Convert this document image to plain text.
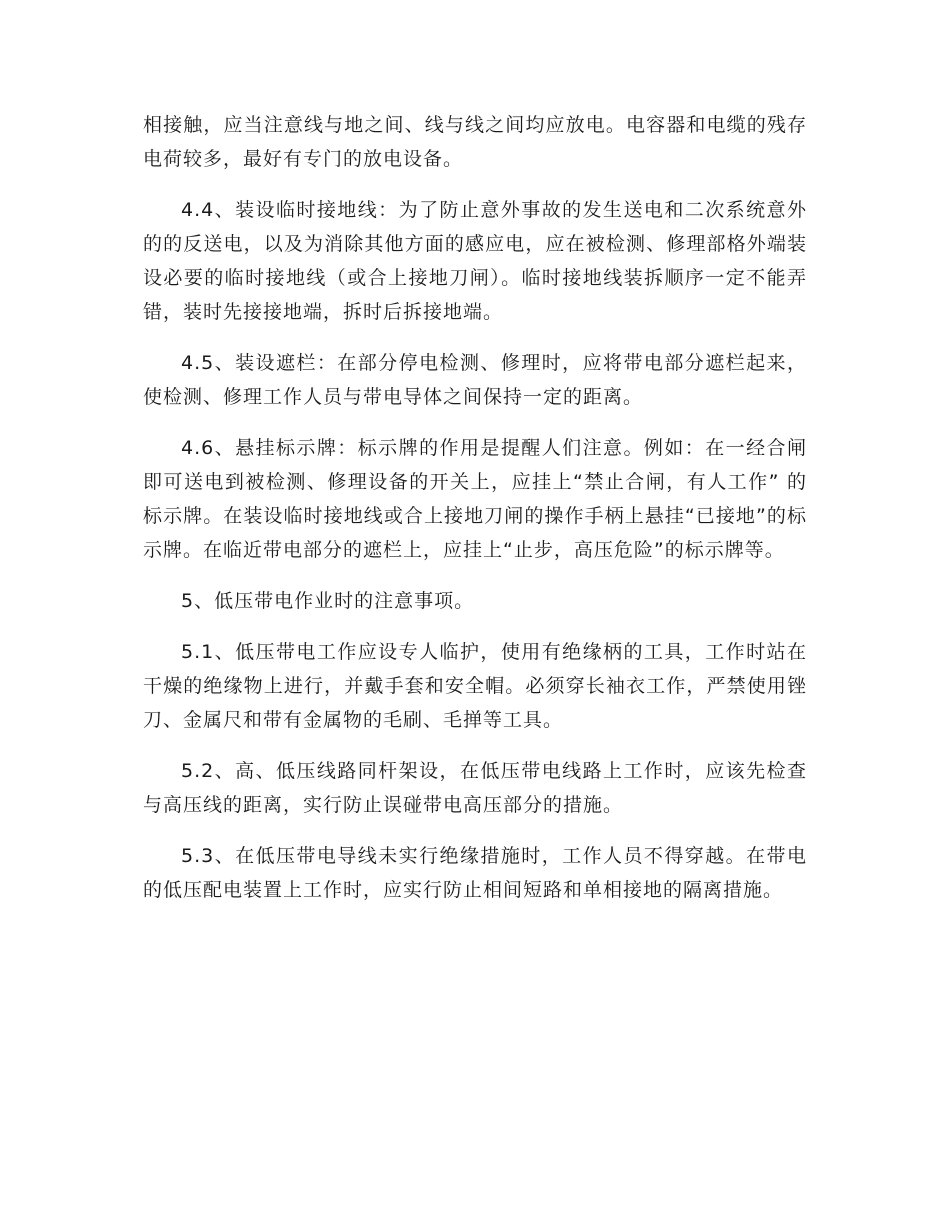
相接触，应当注意线与地之间、线与线之间均应放电。电容器和电缆的残存电荷较多，最好有专门的放电设备。

4.4、装设临时接地线：为了防止意外事故的发生送电和二次系统意外的的反送电，以及为消除其他方面的感应电，应在被检测、修理部格外端装设必要的临时接地线（或合上接地刀闸）。临时接地线装拆顺序一定不能弄错，装时先接接地端，拆时后拆接地端。

4.5、装设遮栏：在部分停电检测、修理时，应将带电部分遮栏起来，使检测、修理工作人员与带电导体之间保持一定的距离。

4.6、悬挂标示牌：标示牌的作用是提醒人们注意。例如：在一经合闸即可送电到被检测、修理设备的开关上，应挂上“禁止合闸，有人工作” 的标示牌。在装设临时接地线或合上接地刀闸的操作手柄上悬挂“已接地”的标示牌。在临近带电部分的遮栏上，应挂上“止步，高压危险”的标示牌等。

5、低压带电作业时的注意事项。

5.1、低压带电工作应设专人临护，使用有绝缘柄的工具，工作时站在干燥的绝缘物上进行，并戴手套和安全帽。必须穿长袖衣工作，严禁使用锉刀、金属尺和带有金属物的毛刷、毛掸等工具。

5.2、高、低压线路同杆架设，在低压带电线路上工作时，应该先检查与高压线的距离，实行防止误碰带电高压部分的措施。

5.3、在低压带电导线未实行绝缘措施时，工作人员不得穿越。在带电的低压配电装置上工作时，应实行防止相间短路和单相接地的隔离措施。
